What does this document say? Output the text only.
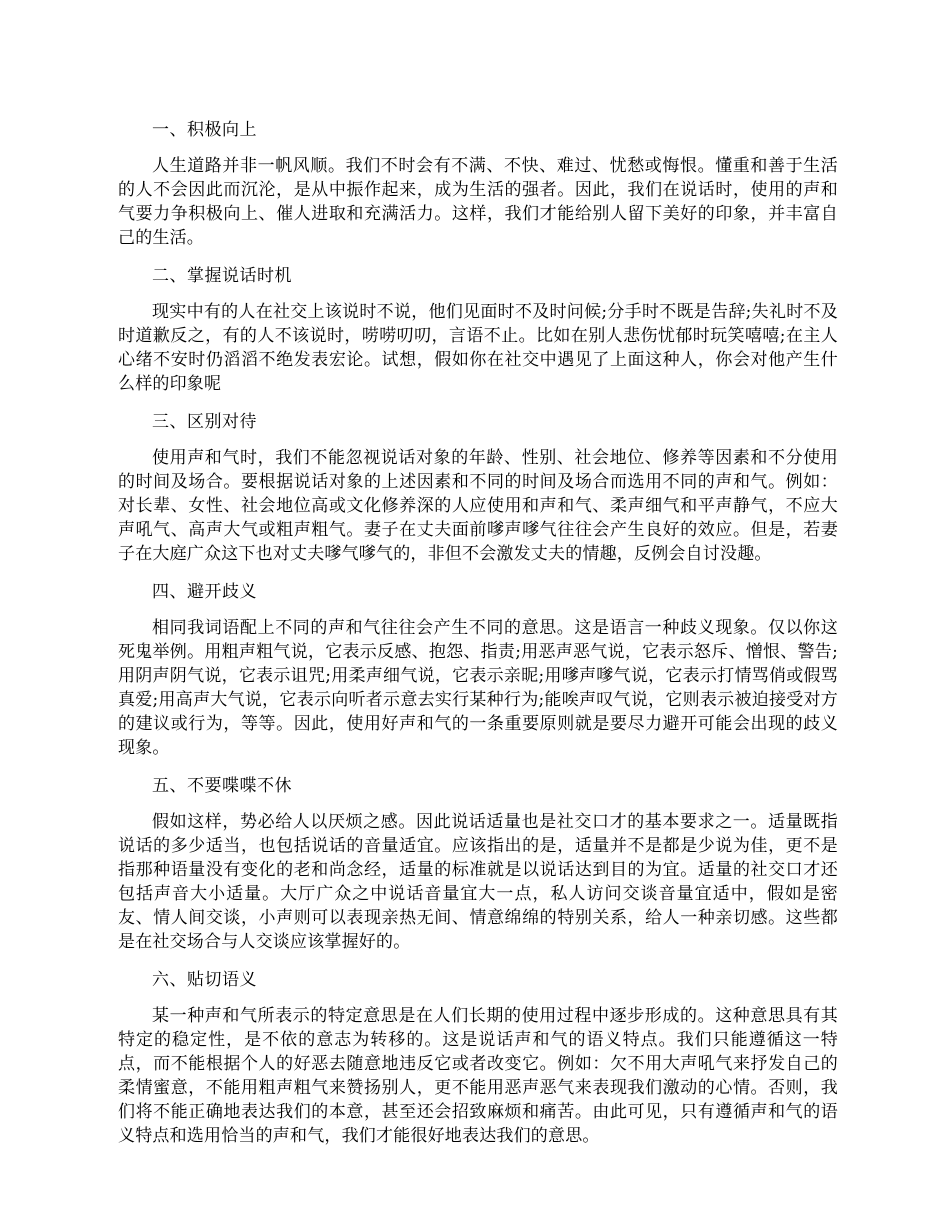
一、积极向上

人生道路并非一帆风顺。我们不时会有不满、不快、难过、忧愁或悔恨。懂重和善于生活的人不会因此而沉沦，是从中振作起来，成为生活的强者。因此，我们在说话时，使用的声和气要力争积极向上、催人进取和充满活力。这样，我们才能给别人留下美好的印象，并丰富自己的生活。

二、掌握说话时机

现实中有的人在社交上该说时不说，他们见面时不及时问候;分手时不既是告辞;失礼时不及时道歉反之，有的人不该说时，唠唠叨叨，言语不止。比如在别人悲伤忧郁时玩笑嘻嘻;在主人心绪不安时仍滔滔不绝发表宏论。试想，假如你在社交中遇见了上面这种人，你会对他产生什么样的印象呢

三、区别对待

使用声和气时，我们不能忽视说话对象的年龄、性别、社会地位、修养等因素和不分使用的时间及场合。要根据说话对象的上述因素和不同的时间及场合而选用不同的声和气。例如：对长辈、女性、社会地位高或文化修养深的人应使用和声和气、柔声细气和平声静气，不应大声吼气、高声大气或粗声粗气。妻子在丈夫面前嗲声嗲气往往会产生良好的效应。但是，若妻子在大庭广众这下也对丈夫嗲气嗲气的，非但不会激发丈夫的情趣，反例会自讨没趣。

四、避开歧义

相同我词语配上不同的声和气往往会产生不同的意思。这是语言一种歧义现象。仅以你这死鬼举例。用粗声粗气说，它表示反感、抱怨、指责;用恶声恶气说，它表示怒斥、憎恨、警告;用阴声阴气说，它表示诅咒;用柔声细气说，它表示亲昵;用嗲声嗲气说，它表示打情骂俏或假骂真爱;用高声大气说，它表示向听者示意去实行某种行为;能唉声叹气说，它则表示被迫接受对方的建议或行为，等等。因此，使用好声和气的一条重要原则就是要尽力避开可能会出现的歧义现象。

五、不要喋喋不休

假如这样，势必给人以厌烦之感。因此说话适量也是社交口才的基本要求之一。适量既指说话的多少适当，也包括说话的音量适宜。应该指出的是，适量并不是都是少说为佳，更不是指那种语量没有变化的老和尚念经，适量的标准就是以说话达到目的为宜。适量的社交口才还包括声音大小适量。大厅广众之中说话音量宜大一点，私人访问交谈音量宜适中，假如是密友、情人间交谈，小声则可以表现亲热无间、情意绵绵的特别关系，给人一种亲切感。这些都是在社交场合与人交谈应该掌握好的。

六、贴切语义

某一种声和气所表示的特定意思是在人们长期的使用过程中逐步形成的。这种意思具有其特定的稳定性，是不依的意志为转移的。这是说话声和气的语义特点。我们只能遵循这一特点，而不能根据个人的好恶去随意地违反它或者改变它。例如：欠不用大声吼气来抒发自己的柔情蜜意，不能用粗声粗气来赞扬别人，更不能用恶声恶气来表现我们激动的心情。否则，我们将不能正确地表达我们的本意，甚至还会招致麻烦和痛苦。由此可见，只有遵循声和气的语义特点和选用恰当的声和气，我们才能很好地表达我们的意思。
